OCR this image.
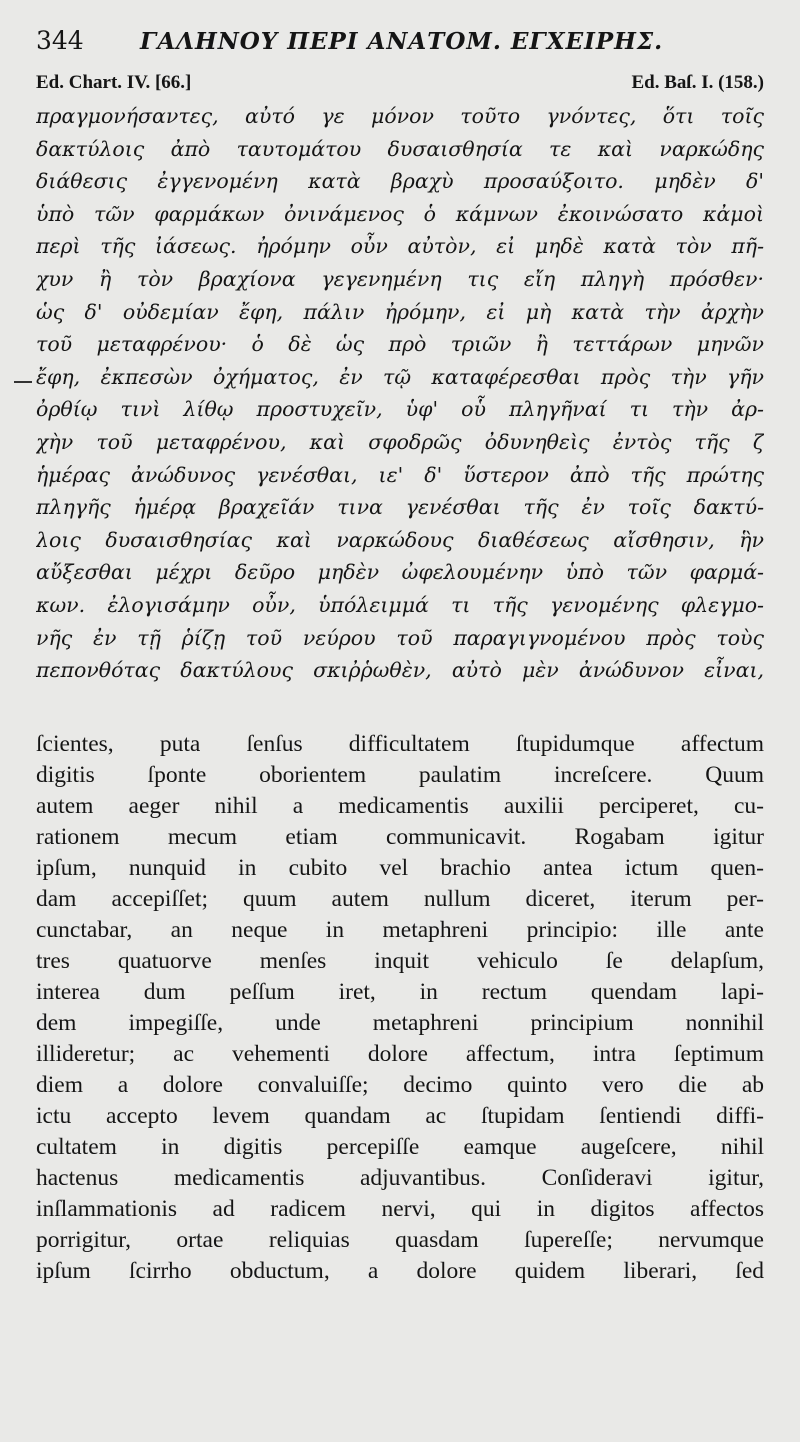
344	ΓΑΛΗΝΟΥ ΠΕΡΙ ΑΝΑΤΟΜ. ΕΓΧΕΙΡΗΣ.
Ed. Chart. IV. [66.]	Ed. Baſ. I. (158.)
πραγμονήσαντες, αὐτό γε μόνον τοῦτο γνόντες, ὅτι τοῖς
δακτύλοις ἀπὸ ταυτομάτου δυσαισθησία τε καὶ ναρκώδης
διάθεσις ἐγγενομένη κατὰ βραχὺ προσαύξοιτο. μηδὲν δ'
ὑπὸ τῶν φαρμάκων ὀνινάμενος ὁ κάμνων ἐκοινώσατο κἀμοὶ
περὶ τῆς ἰάσεως. ἠρόμην οὖν αὐτὸν, εἰ μηδὲ κατὰ τὸν πῆ-
χυν ἢ τὸν βραχίονα γεγενημένη τις εἴη πληγὴ πρόσθεν·
ὡς δ' οὐδεμίαν ἔφη, πάλιν ἠρόμην, εἰ μὴ κατὰ τὴν ἀρχὴν
τοῦ μεταφρένου· ὁ δὲ ὡς πρὸ τριῶν ἢ τεττάρων μηνῶν
ἔφη, ἐκπεσὼν ὀχήματος, ἐν τῷ καταφέρεσθαι πρὸς τὴν γῆν
ὀρθίῳ τινὶ λίθῳ προστυχεῖν, ὑφ' οὗ πληγῆναί τι τὴν ἀρ-
χὴν τοῦ μεταφρένου, καὶ σφοδρῶς ὀδυνηθεὶς ἐντὸς τῆς ζ
ἡμέρας ἀνώδυνος γενέσθαι, ιε' δ' ὕστερον ἀπὸ τῆς πρώτης
πληγῆς ἡμέρᾳ βραχεῖάν τινα γενέσθαι τῆς ἐν τοῖς δακτύ-
λοις δυσαισθησίας καὶ ναρκώδους διαθέσεως αἴσθησιν, ἣν
αὔξεσθαι μέχρι δεῦρο μηδὲν ὠφελουμένην ὑπὸ τῶν φαρμά-
κων. ἐλογισάμην οὖν, ὑπόλειμμά τι τῆς γενομένης φλεγμο-
νῆς ἐν τῇ ῥίζῃ τοῦ νεύρου τοῦ παραγιγνομένου πρὸς τοὺς
πεπονθότας δακτύλους σκιῤῥωθὲν, αὐτὸ μὲν ἀνώδυνον εἶναι,
ſcientes, puta ſenſus difficultatem ſtupidumque affectum
digitis ſponte oborientem paulatim increſcere. Quum
autem aeger nihil a medicamentis auxilii perciperet, cu-
rationem mecum etiam communicavit. Rogabam igitur
ipſum, nunquid in cubito vel brachio antea ictum quen-
dam accepiſſet; quum autem nullum diceret, iterum per-
cunctabar, an neque in metaphreni principio: ille ante
tres quatuorve menſes inquit vehiculo ſe delapſum,
interea dum peſſum iret, in rectum quendam lapi-
dem impegiſſe, unde metaphreni principium nonnihil
illideretur; ac vehementi dolore affectum, intra ſeptimum
diem a dolore convaluiſſe; decimo quinto vero die ab
ictu accepto levem quandam ac ſtupidam ſentiendi diffi-
cultatem in digitis percepiſſe eamque augeſcere, nihil
hactenus medicamentis adjuvantibus. Conſideravi igitur,
inſlammationis ad radicem nervi, qui in digitos affectos
porrigitur, ortae reliquias quasdam ſupereſſe; nervumque
ipſum ſcirrho obductum, a dolore quidem liberari, ſed
